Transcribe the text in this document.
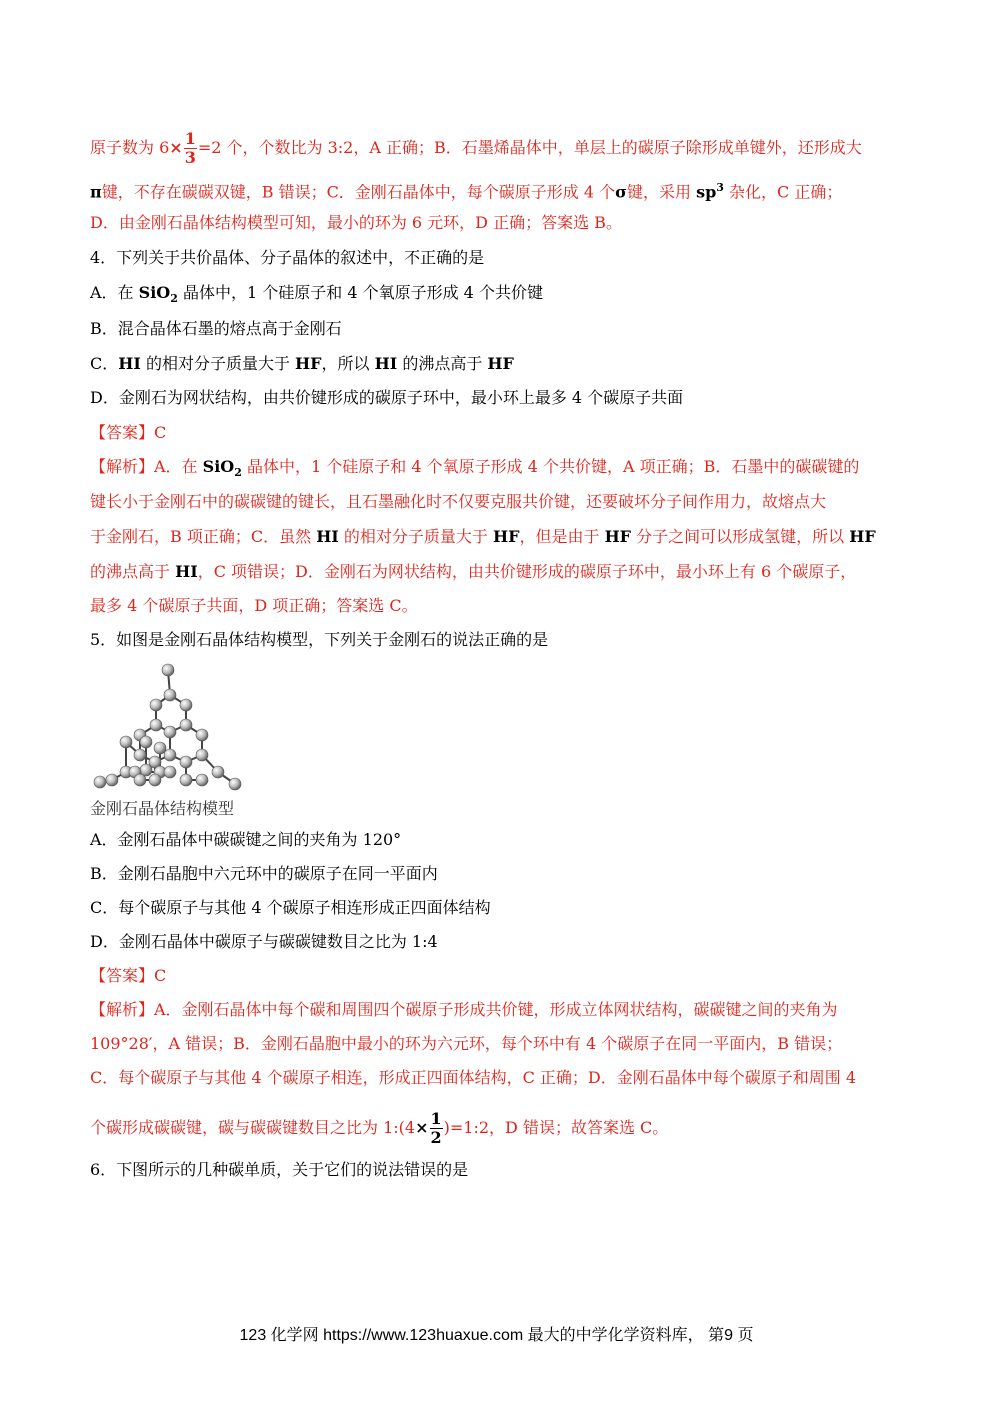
原子数为 $6\times \frac{1}{3} =2$ 个，个数比为 3:2，A 正确；B．石墨烯晶体中，单层上的碳原子除形成单键外，还形成大
π键，不存在碳碳双键，B 错误；C．金刚石晶体中，每个碳原子形成 4 个σ键，采用 $sp^3$ 杂化，C 正确；
D．由金刚石晶体结构模型可知，最小的环为 6 元环，D 正确；答案选 B。
4．下列关于共价晶体、分子晶体的叙述中，不正确的是
A．在 SiO$_2$ 晶体中，1 个硅原子和 4 个氧原子形成 4 个共价键
B．混合晶体石墨的熔点高于金刚石
C．HI 的相对分子质量大于 HF，所以 HI 的沸点高于 HF
D．金刚石为网状结构，由共价键形成的碳原子环中，最小环上最多 4 个碳原子共面
【答案】C
【解析】A．在 SiO$_2$ 晶体中，1 个硅原子和 4 个氧原子形成 4 个共价键，A 项正确；B．石墨中的碳碳键的
键长小于金刚石中的碳碳键的键长，且石墨融化时不仅要克服共价键，还要破坏分子间作用力，故熔点大
于金刚石，B 项正确；C．虽然 HI 的相对分子质量大于 HF，但是由于 HF 分子之间可以形成氢键，所以 HF
的沸点高于 HI，C 项错误；D．金刚石为网状结构，由共价键形成的碳原子环中，最小环上有 6 个碳原子，
最多 4 个碳原子共面，D 项正确；答案选 C。
5．如图是金刚石晶体结构模型，下列关于金刚石的说法正确的是
金刚石晶体结构模型
A．金刚石晶体中碳碳键之间的夹角为 120°
B．金刚石晶胞中六元环中的碳原子在同一平面内
C．每个碳原子与其他 4 个碳原子相连形成正四面体结构
D．金刚石晶体中碳原子与碳碳键数目之比为 1:4
【答案】C
【解析】A．金刚石晶体中每个碳和周围四个碳原子形成共价键，形成立体网状结构，碳碳键之间的夹角为
109°28′，A 错误；B．金刚石晶胞中最小的环为六元环，每个环中有 4 个碳原子在同一平面内，B 错误；
C．每个碳原子与其他 4 个碳原子相连，形成正四面体结构，C 正确；D．金刚石晶体中每个碳原子和周围 4
个碳形成碳碳键，碳与碳碳键数目之比为 1:(4× $\frac{1}{2}$ )=1:2，D 错误；故答案选 C。
6．下图所示的几种碳单质，关于它们的说法错误的是
123 化学网 https://www.123huaxue.com 最大的中学化学资料库， 第9 页
